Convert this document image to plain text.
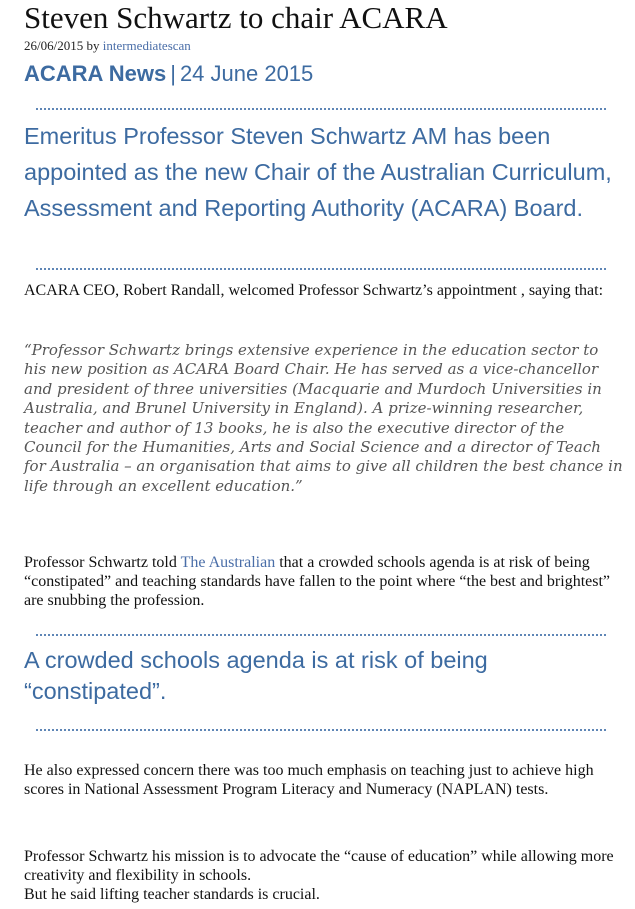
Steven Schwartz to chair ACARA
26/06/2015 by intermediatescan
ACARA News | 24 June 2015
Emeritus Professor Steven Schwartz AM has been appointed as the new Chair of the Australian Curriculum, Assessment and Reporting Authority (ACARA) Board.

ACARA CEO, Robert Randall, welcomed Professor Schwartz’s appointment , saying that:

“Professor Schwartz brings extensive experience in the education sector to his new position as ACARA Board Chair. He has served as a vice-chancellor and president of three universities (Macquarie and Murdoch Universities in Australia, and Brunel University in England). A prize-winning researcher, teacher and author of 13 books, he is also the executive director of the Council for the Humanities, Arts and Social Science and a director of Teach for Australia – an organisation that aims to give all children the best chance in life through an excellent education.”

Professor Schwartz told The Australian that a crowded schools agenda is at risk of being “constipated” and teaching standards have fallen to the point where “the best and brightest” are snubbing the profession.

A crowded schools agenda is at risk of being “constipated”.

He also expressed concern there was too much emphasis on teaching just to achieve high scores in National Assessment Program Literacy and Numeracy (NAPLAN) tests.

Professor Schwartz his mission is to advocate the “cause of education” while allowing more creativity and flexibility in schools.
But he said lifting teacher standards is crucial.
